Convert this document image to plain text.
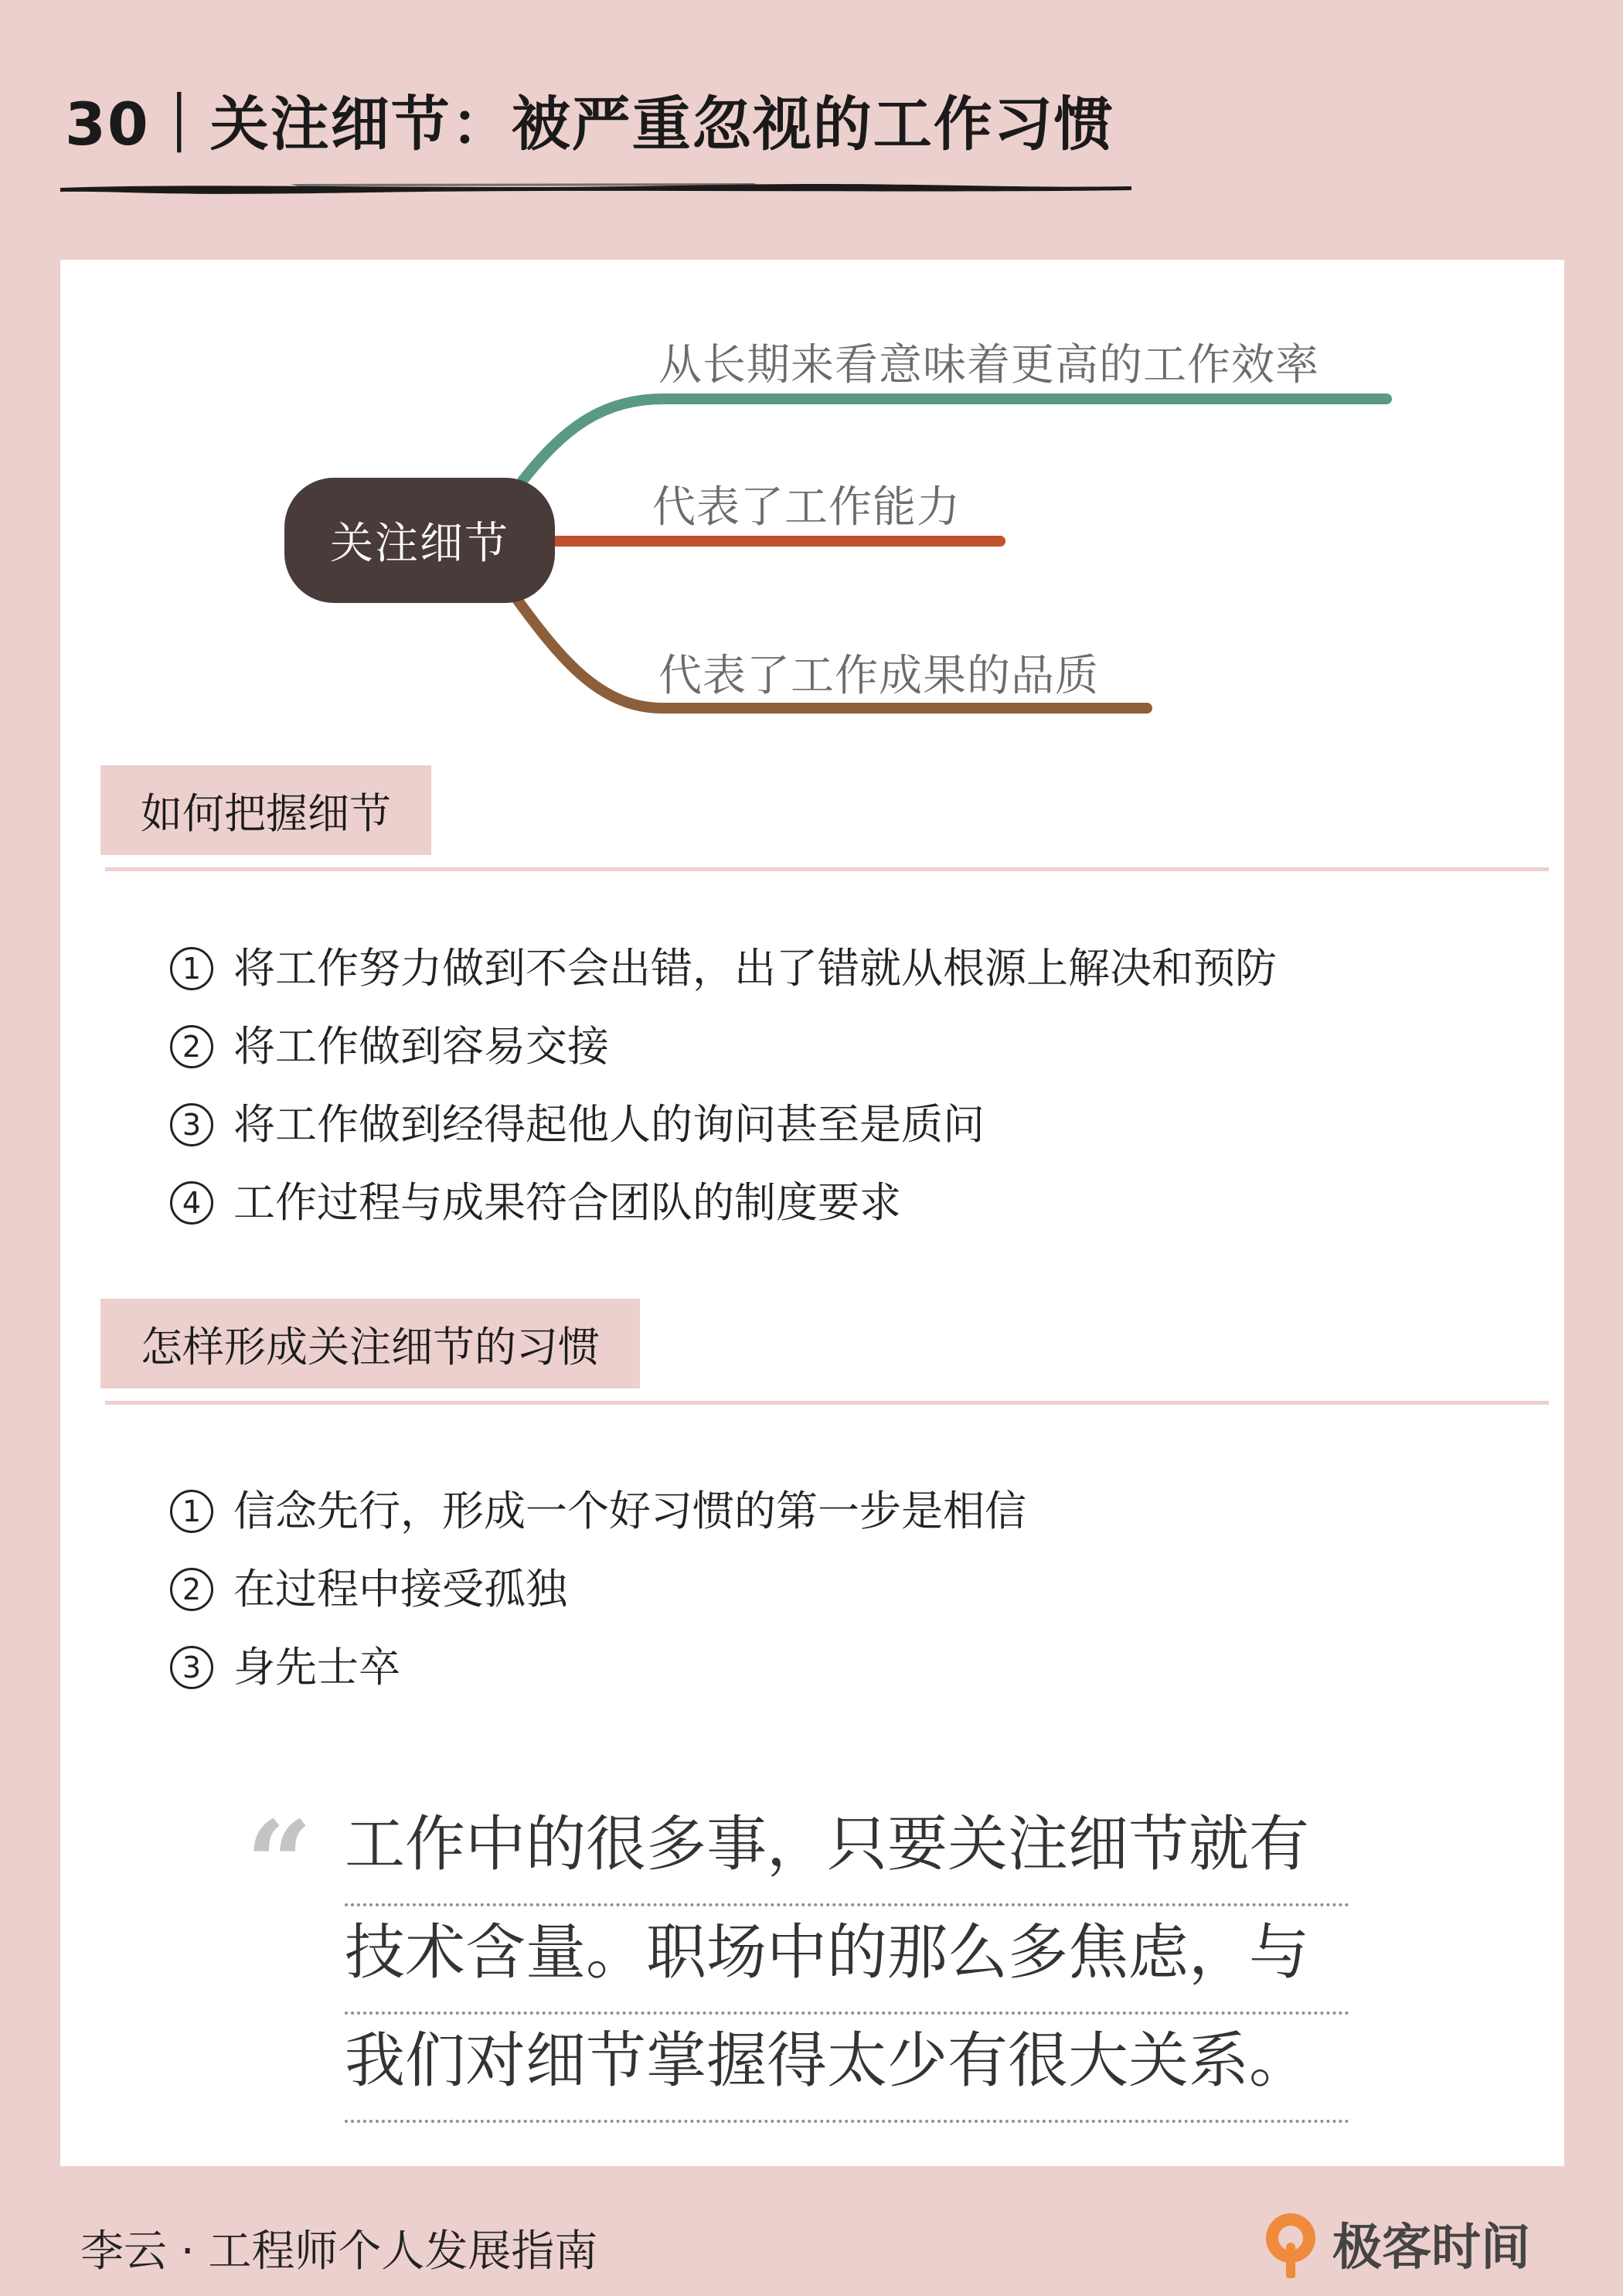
30｜关注细节：被严重忽视的工作习惯
关注细节
从长期来看意味着更高的工作效率
代表了工作能力
代表了工作成果的品质
如何把握细节
1 将工作努力做到不会出错，出了错就从根源上解决和预防
2 将工作做到容易交接
3 将工作做到经得起他人的询问甚至是质问
4 工作过程与成果符合团队的制度要求
怎样形成关注细节的习惯
1 信念先行，形成一个好习惯的第一步是相信
2 在过程中接受孤独
3 身先士卒
“ 工作中的很多事，只要关注细节就有
技术含量。职场中的那么多焦虑，与
我们对细节掌握得太少有很大关系。
李云 · 工程师个人发展指南	极客时间
